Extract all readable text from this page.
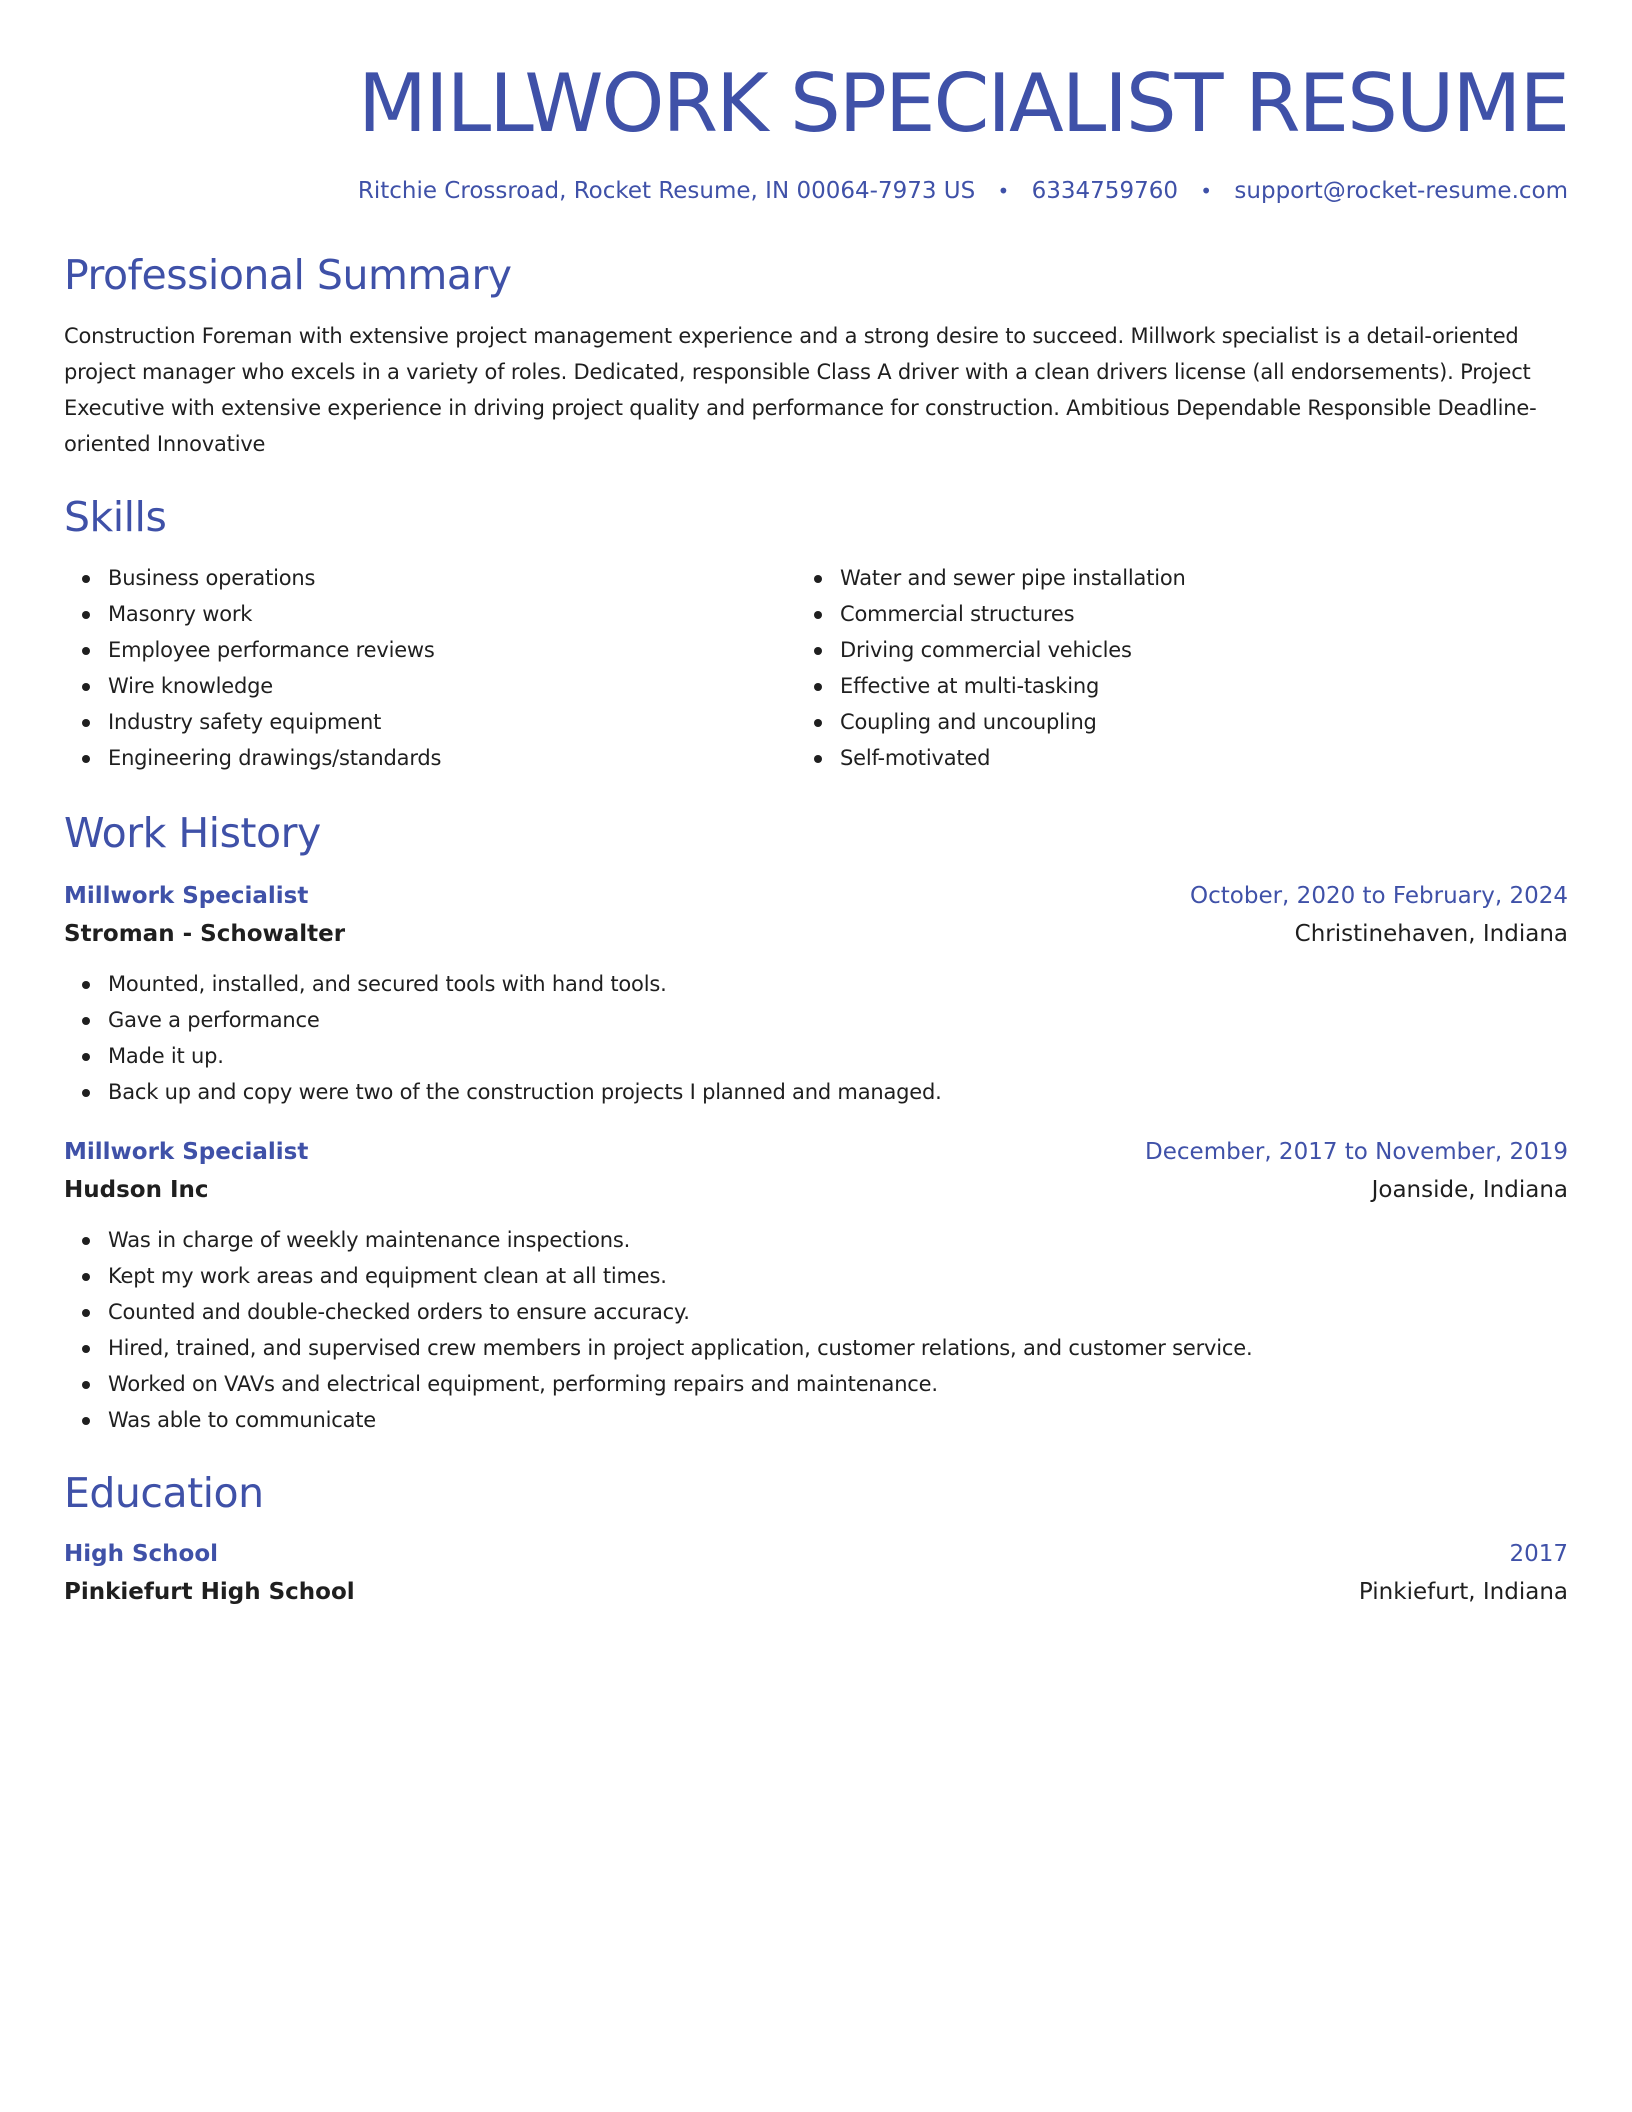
MILLWORK SPECIALIST RESUME
Ritchie Crossroad, Rocket Resume, IN 00064-7973 US • 6334759760 • support@rocket-resume.com
Professional Summary
Construction Foreman with extensive project management experience and a strong desire to succeed. Millwork specialist is a detail-oriented project manager who excels in a variety of roles. Dedicated, responsible Class A driver with a clean drivers license (all endorsements). Project Executive with extensive experience in driving project quality and performance for construction. Ambitious Dependable Responsible Deadline-oriented Innovative
Skills
Business operations
Masonry work
Employee performance reviews
Wire knowledge
Industry safety equipment
Engineering drawings/standards
Water and sewer pipe installation
Commercial structures
Driving commercial vehicles
Effective at multi-tasking
Coupling and uncoupling
Self-motivated
Work History
Millwork Specialist	October, 2020 to February, 2024
Stroman - Schowalter	Christinehaven, Indiana
Mounted, installed, and secured tools with hand tools.
Gave a performance
Made it up.
Back up and copy were two of the construction projects I planned and managed.
Millwork Specialist	December, 2017 to November, 2019
Hudson Inc	Joanside, Indiana
Was in charge of weekly maintenance inspections.
Kept my work areas and equipment clean at all times.
Counted and double-checked orders to ensure accuracy.
Hired, trained, and supervised crew members in project application, customer relations, and customer service.
Worked on VAVs and electrical equipment, performing repairs and maintenance.
Was able to communicate
Education
High School	2017
Pinkiefurt High School	Pinkiefurt, Indiana
